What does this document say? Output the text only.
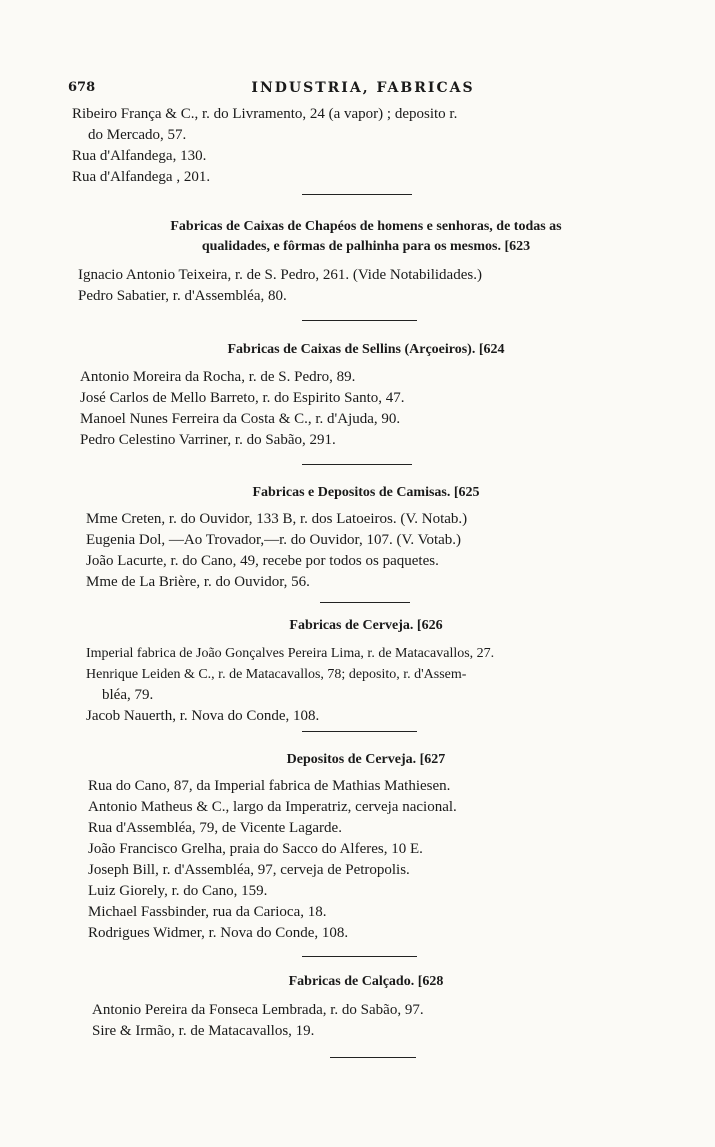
678	INDUSTRIA, FABRICAS
Ribeiro França & C., r. do Livramento, 24 (a vapor) ; deposito r.
do Mercado, 57.
Rua d'Alfandega, 130.
Rua d'Alfandega , 201.
Fabricas de Caixas de Chapéos de homens e senhoras, de todas as
qualidades, e fôrmas de palhinha para os mesmos. [623
Ignacio Antonio Teixeira, r. de S. Pedro, 261. (Vide Notabilidades.)
Pedro Sabatier, r. d'Assembléa, 80.
Fabricas de Caixas de Sellins (Arçoeiros). [624
Antonio Moreira da Rocha, r. de S. Pedro, 89.
José Carlos de Mello Barreto, r. do Espirito Santo, 47.
Manoel Nunes Ferreira da Costa & C., r. d'Ajuda, 90.
Pedro Celestino Varriner, r. do Sabão, 291.
Fabricas e Depositos de Camisas. [625
Mme Creten, r. do Ouvidor, 133 B, r. dos Latoeiros. (V. Notab.)
Eugenia Dol, —Ao Trovador,—r. do Ouvidor, 107. (V. Votab.)
João Lacurte, r. do Cano, 49, recebe por todos os paquetes.
Mme de La Brière, r. do Ouvidor, 56.
Fabricas de Cerveja. [626
Imperial fabrica de João Gonçalves Pereira Lima, r. de Matacavallos, 27.
Henrique Leiden & C., r. de Matacavallos, 78; deposito, r. d'Assem-
bléa, 79.
Jacob Nauerth, r. Nova do Conde, 108.
Depositos de Cerveja. [627
Rua do Cano, 87, da Imperial fabrica de Mathias Mathiesen.
Antonio Matheus & C., largo da Imperatriz, cerveja nacional.
Rua d'Assembléa, 79, de Vicente Lagarde.
João Francisco Grelha, praia do Sacco do Alferes, 10 E.
Joseph Bill, r. d'Assembléa, 97, cerveja de Petropolis.
Luiz Giorely, r. do Cano, 159.
Michael Fassbinder, rua da Carioca, 18.
Rodrigues Widmer, r. Nova do Conde, 108.
Fabricas de Calçado. [628
Antonio Pereira da Fonseca Lembrada, r. do Sabão, 97.
Sire & Irmão, r. de Matacavallos, 19.
